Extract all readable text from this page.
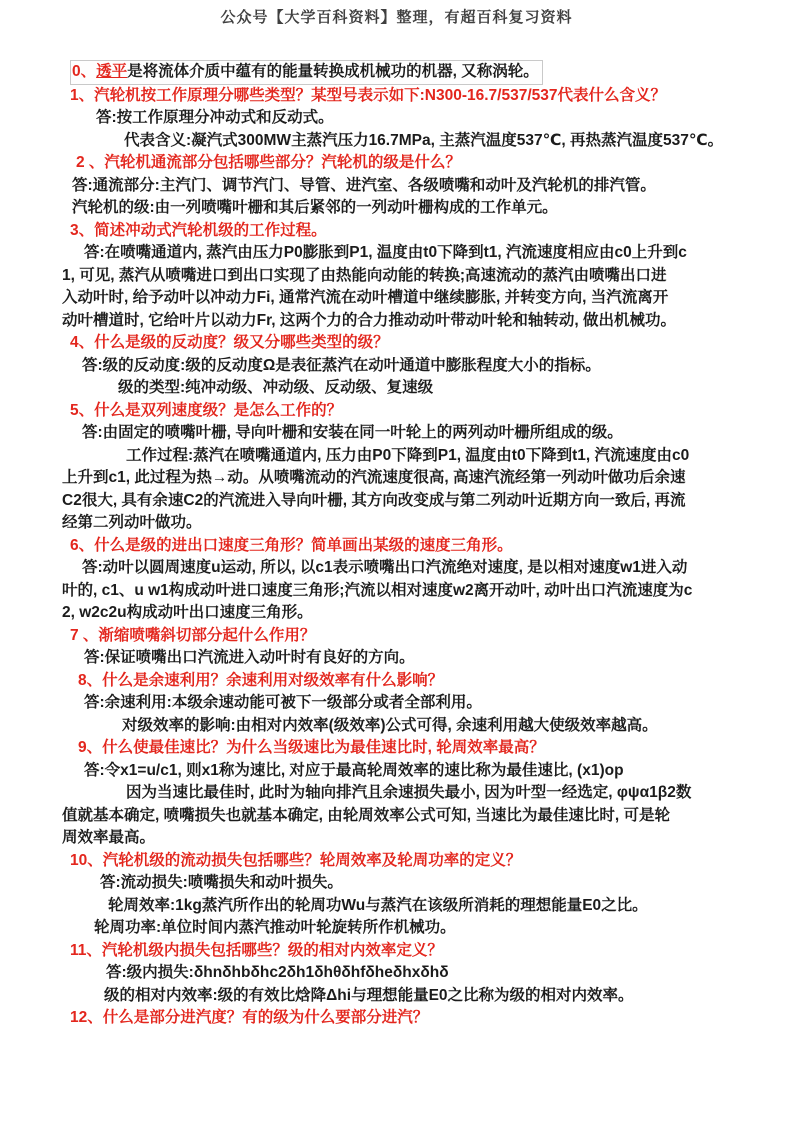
公众号【大学百科资料】整理，有超百科复习资料
0、透平是将流体介质中蕴有的能量转换成机械功的机器, 又称涡轮。
1、汽轮机按工作原理分哪些类型？某型号表示如下:N300-16.7/537/537代表什么含义？
答:按工作原理分冲动式和反动式。
代表含义:凝汽式300MW主蒸汽压力16.7MPa, 主蒸汽温度537℃, 再热蒸汽温度537℃。
2 、汽轮机通流部分包括哪些部分？汽轮机的级是什么？
答:通流部分:主汽门、调节汽门、导管、进汽室、各级喷嘴和动叶及汽轮机的排汽管。
汽轮机的级:由一列喷嘴叶栅和其后紧邻的一列动叶栅构成的工作单元。
3、简述冲动式汽轮机级的工作过程。
答:在喷嘴通道内, 蒸汽由压力P0膨胀到P1, 温度由t0下降到t1, 汽流速度相应由c0上升到c
1, 可见, 蒸汽从喷嘴进口到出口实现了由热能向动能的转换;高速流动的蒸汽由喷嘴出口进
入动叶时, 给予动叶以冲动力Fi, 通常汽流在动叶槽道中继续膨胀, 并转变方向, 当汽流离开
动叶槽道时, 它给叶片以动力Fr, 这两个力的合力推动动叶带动叶轮和轴转动, 做出机械功。
4、什么是级的反动度？级又分哪些类型的级？
答:级的反动度:级的反动度Ω是表征蒸汽在动叶通道中膨胀程度大小的指标。
级的类型:纯冲动级、冲动级、反动级、复速级
5、什么是双列速度级？是怎么工作的？
答:由固定的喷嘴叶栅, 导向叶栅和安装在同一叶轮上的两列动叶栅所组成的级。
工作过程:蒸汽在喷嘴通道内, 压力由P0下降到P1, 温度由t0下降到t1, 汽流速度由c0
上升到c1, 此过程为热→动。从喷嘴流动的汽流速度很高, 高速汽流经第一列动叶做功后余速
C2很大, 具有余速C2的汽流进入导向叶栅, 其方向改变成与第二列动叶近期方向一致后, 再流
经第二列动叶做功。
6、什么是级的进出口速度三角形？简单画出某级的速度三角形。
答:动叶以圆周速度u运动, 所以, 以c1表示喷嘴出口汽流绝对速度, 是以相对速度w1进入动
叶的, c1、u w1构成动叶进口速度三角形;汽流以相对速度w2离开动叶, 动叶出口汽流速度为c
2, w2c2u构成动叶出口速度三角形。
7 、渐缩喷嘴斜切部分起什么作用？
答:保证喷嘴出口汽流进入动叶时有良好的方向。
8、什么是余速利用？余速利用对级效率有什么影响？
答:余速利用:本级余速动能可被下一级部分或者全部利用。
对级效率的影响:由相对内效率(级效率)公式可得, 余速利用越大使级效率越高。
9、什么使最佳速比？为什么当级速比为最佳速比时, 轮周效率最高？
答:令x1=u/c1, 则x1称为速比, 对应于最高轮周效率的速比称为最佳速比, (x1)op
因为当速比最佳时, 此时为轴向排汽且余速损失最小, 因为叶型一经选定, φψα1β2数
值就基本确定, 喷嘴损失也就基本确定, 由轮周效率公式可知, 当速比为最佳速比时, 可是轮
周效率最高。
10、汽轮机级的流动损失包括哪些？轮周效率及轮周功率的定义？
答:流动损失:喷嘴损失和动叶损失。
轮周效率:1kg蒸汽所作出的轮周功Wu与蒸汽在该级所消耗的理想能量E0之比。
轮周功率:单位时间内蒸汽推动叶轮旋转所作机械功。
11、汽轮机级内损失包括哪些？级的相对内效率定义？
答:级内损失:δhnδhbδhc2δh1δhθδhfδheδhxδhδ
级的相对内效率:级的有效比焓降Δhi与理想能量E0之比称为级的相对内效率。
12、什么是部分进汽度？有的级为什么要部分进汽？
